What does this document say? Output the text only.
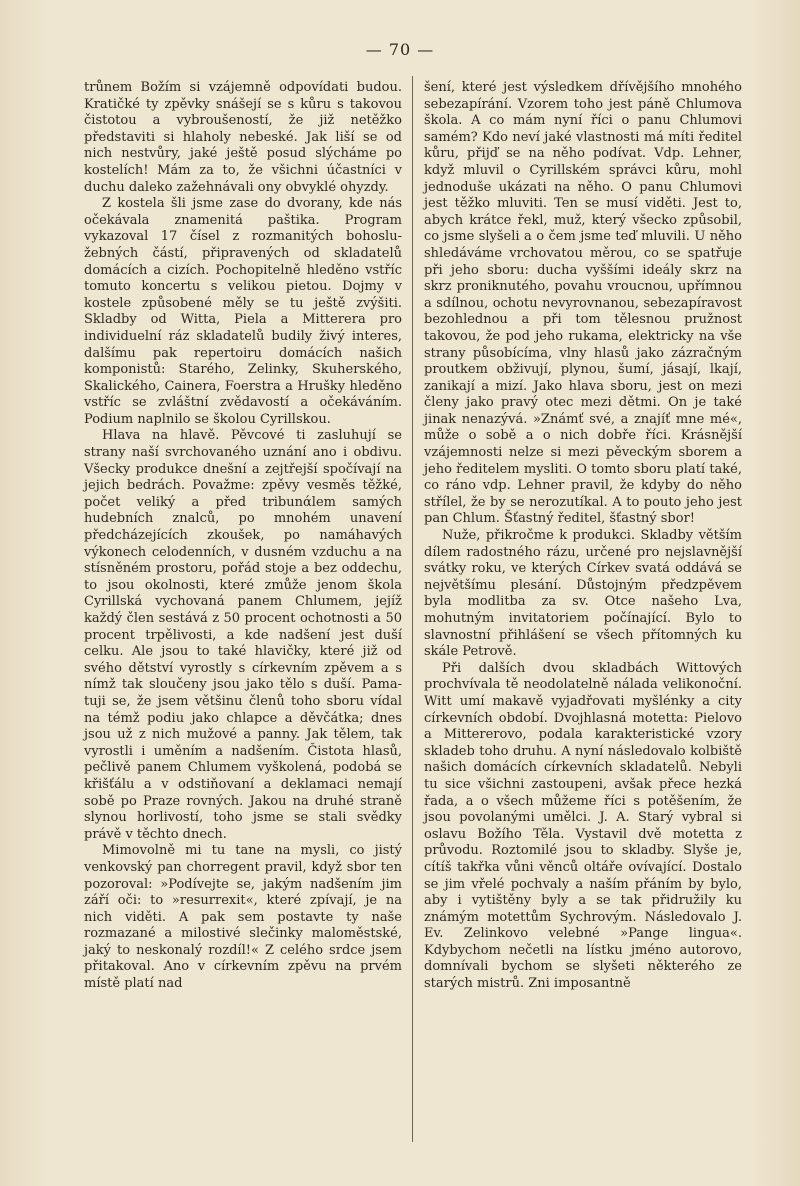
— 70 —

trůnem Božím si vzájemně odpovídati budou. Kratičké ty zpěvky snášejí se s kůru s takovou čistotou a vybroušeností, že již netěžko představiti si hlaholy nebeské. Jak liší se od nich nestvůry, jaké ještě posud slýcháme po kostelích! Mám za to, že všichni účastníci v duchu daleko zažehnávali ony obvyklé ohyzdy.

Z kostela šli jsme zase do dvorany, kde nás očekávala znamenitá paštika. Program vykazoval 17 čísel z rozmanitých bohoslužebných částí, připravených od skladatelů domácích a cizích. Pochopitelně hleděno vstříc tomuto koncertu s velikou pietou. Dojmy v kostele způsobené měly se tu ještě zvýšiti. Skladby od Witta, Piela a Mitterera pro individuelní ráz skladatelů budily živý interes, dalšímu pak repertoiru domácích našich komponistů: Starého, Zelinky, Skuherského, Skalického, Cainera, Foerstra a Hrušky hleděno vstříc se zvláštní zvědavostí a očekáváním. Podium naplnilo se školou Cyrillskou.

Hlava na hlavě. Pěvcové ti zasluhují se strany naší svrchovaného uznání ano i obdivu. Všecky produkce dnešní a zejtřejší spočívají na jejich bedrách. Považme: zpěvy vesměs těžké, počet veliký a před tribunάlem samých hudebních znalců, po mnohém unavení předcházejících zkoušek, po namáhavých výkonech celodenních, v dusném vzduchu a na stísněném prostoru, pořád stoje a bez oddechu, to jsou okolnosti, které zmůže jenom škola Cyrillská vychovaná panem Chlumem, jejíž každý člen sestává z 50 procent ochotnosti a 50 procent trpělivosti, a kde nadšení jest duší celku. Ale jsou to také hlavičky, které již od svého dětství vyrostly s církevním zpěvem a s nímž tak sloučeny jsou jako tělo s duší. Pamatuji se, že jsem většinu členů toho sboru vídal na témž podiu jako chlapce a děvčátka; dnes jsou už z nich mužové a panny. Jak tělem, tak vyrostli i uměním a nadšením. Čistota hlasů, pečlivě panem Chlumem vyškolená, podobá se křišťálu a v odstiňovaní a deklamaci nemají sobě po Praze rovných. Jakou na druhé straně slynou horlivostí, toho jsme se stali svědky právě v těchto dnech.

Mimovolně mi tu tane na mysli, co jistý venkovský pan chorregent pravil, když sbor ten pozoroval: »Podívejte se, jakým nadšením jim září oči: to »resurrexit«, které zpívají, je na nich viděti. A pak sem postavte ty naše rozmazané a milostivé slečinky maloměstské, jaký to neskonalý rozdíl!« Z celého srdce jsem přitakoval. Ano v církevním zpěvu na prvém místě platí nad

šení, které jest výsledkem dřívějšího mnohého sebezapírání. Vzorem toho jest páně Chlumova škola. A co mám nyní říci o panu Chlumovi samém? Kdo neví jaké vlastnosti má míti ředitel kůru, přijď se na něho podívat. Vdp. Lehner, když mluvil o Cyrillském správci kůru, mohl jednoduše ukázati na něho. O panu Chlumovi jest těžko mluviti. Ten se musí viděti. Jest to, abych krátce řekl, muž, který všecko způsobil, co jsme slyšeli a o čem jsme teď mluvili. U něho shledáváme vrchovatou měrou, co se spatřuje při jeho sboru: ducha vyššími ideály skrz na skrz proniknutého, povahu vroucnou, upřímnou a sdílnou, ochotu nevyrovnanou, sebezapíravost bezohlednou a při tom tělesnou pružnost takovou, že pod jeho rukama, elektricky na vše strany působícíma, vlny hlasů jako zázračným proutkem obživují, plynou, šumí, jásají, lkají, zanikají a mizí. Jako hlava sboru, jest on mezi členy jako pravý otec mezi dětmi. On je také jinak nenazývá. »Známť své, a znajíť mne mé«, může o sobě a o nich dobře říci. Krásnější vzájemnosti nelze si mezi pěveckým sborem a jeho ředitelem mysliti. O tomto sboru platí také, co ráno vdp. Lehner pravil, že kdyby do něho střílel, že by se nerozutíkal. A to pouto jeho jest pan Chlum. Šťastný ředitel, šťastný sbor!

Nuže, přikročme k produkci. Skladby větším dílem radostného rázu, určené pro nejslavnější svátky roku, ve kterých Církev svatá oddává se největšímu plesání. Důstojným předzpěvem byla modlitba za sv. Otce našeho Lva, mohutným invitatoriem počínající. Bylo to slavnostní přihlášení se všech přítomných ku skále Petrově.

Při dalších dvou skladbách Wittových prochvívala tě neodolatelně nálada velikonoční. Witt umí makavě vyjadřovati myšlénky a city církevních období. Dvojhlasná motetta: Pielovo a Mittererovo, podala karakteristické vzory skladeb toho druhu. A nyní následovalo kolbiště našich domácích církevních skladatelů. Nebyli tu sice všichni zastoupeni, avšak přece hezká řada, a o všech můžeme říci s potěšením, že jsou povolanými umělci. J. A. Starý vybral si oslavu Božího Těla. Vystavil dvě motetta z průvodu. Roztomilé jsou to skladby. Slyše je, cítíš takřka vůni věnců oltáře ovívající. Dostalo se jim vřelé pochvaly a naším přáním by bylo, aby i vytištěny byly a se tak přidružily ku známým motettům Sychrovým. Následovalo J. Ev. Zelinkovo velebné »Pange lingua«. Kdybychom nečetli na lístku jméno autorovo, domnívali bychom se slyšeti některého ze starých mistrů. Zni imposantně
